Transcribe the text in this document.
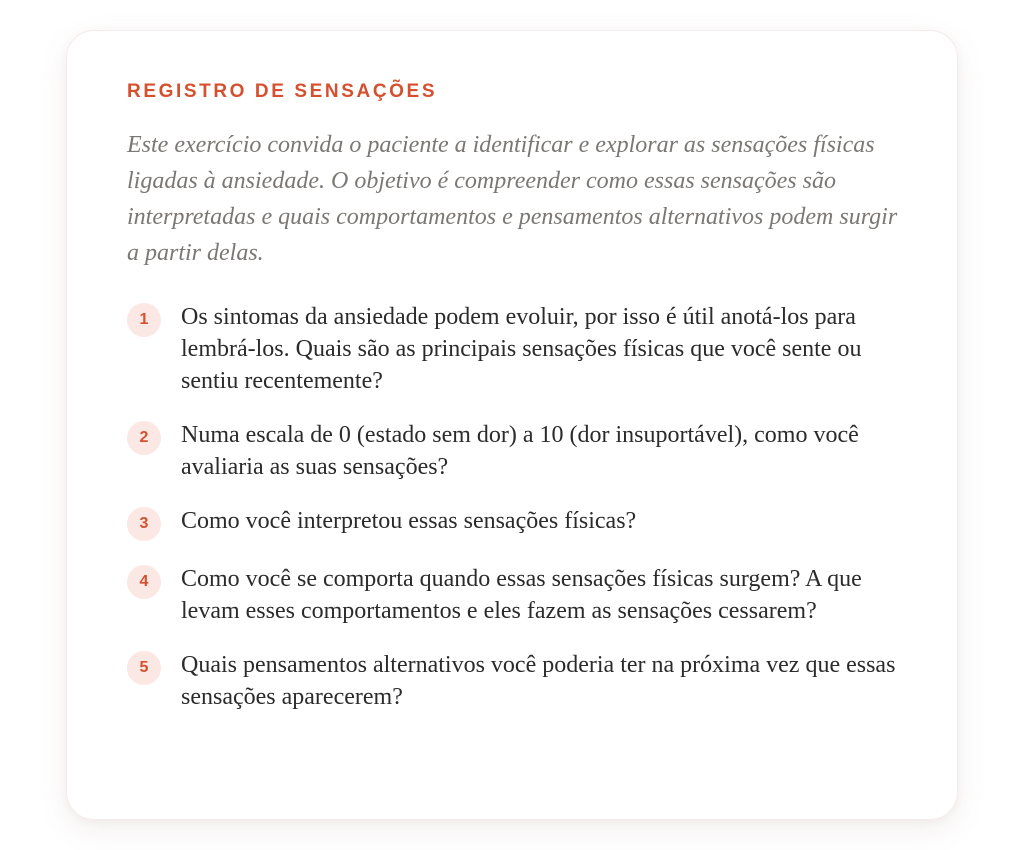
REGISTRO DE SENSAÇÕES

Este exercício convida o paciente a identificar e explorar as sensações físicas ligadas à ansiedade. O objetivo é compreender como essas sensações são interpretadas e quais comportamentos e pensamentos alternativos podem surgir a partir delas.

1	Os sintomas da ansiedade podem evoluir, por isso é útil anotá-los para lembrá-los. Quais são as principais sensações físicas que você sente ou sentiu recentemente?
2	Numa escala de 0 (estado sem dor) a 10 (dor insuportável), como você avaliaria as suas sensações?
3	Como você interpretou essas sensações físicas?
4	Como você se comporta quando essas sensações físicas surgem? A que levam esses comportamentos e eles fazem as sensações cessarem?
5	Quais pensamentos alternativos você poderia ter na próxima vez que essas sensações aparecerem?
